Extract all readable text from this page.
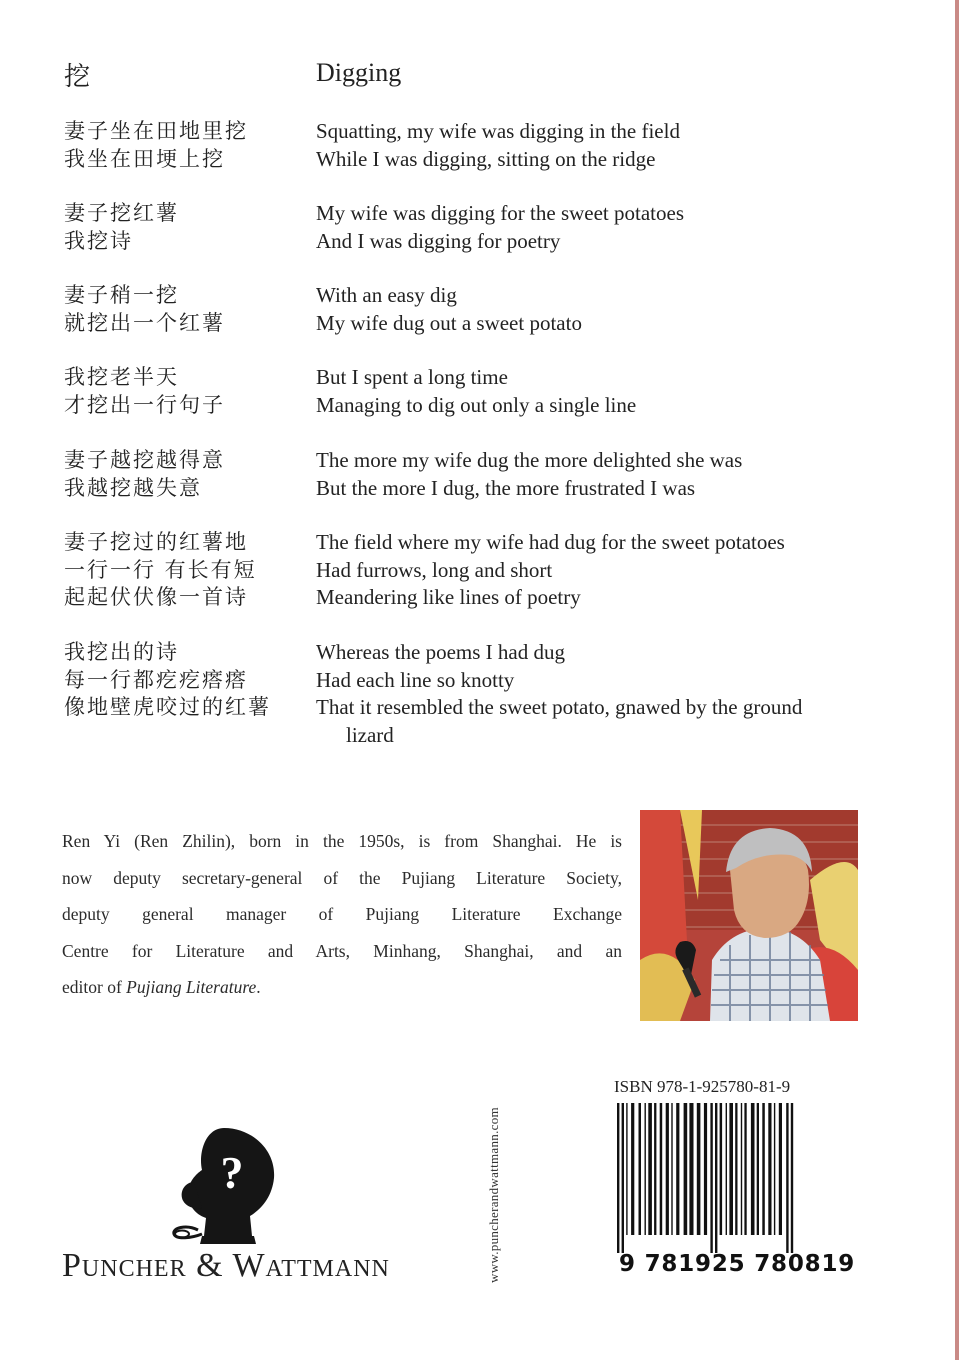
挖	Digging
妻子坐在田地里挖
我坐在田埂上挖
Squatting, my wife was digging in the field
While I was digging, sitting on the ridge
妻子挖红薯
我挖诗
My wife was digging for the sweet potatoes
And I was digging for poetry
妻子稍一挖
就挖出一个红薯
With an easy dig
My wife dug out a sweet potato
我挖老半天
才挖出一行句子
But I spent a long time
Managing to dig out only a single line
妻子越挖越得意
我越挖越失意
The more my wife dug the more delighted she was
But the more I dug, the more frustrated I was
妻子挖过的红薯地
一行一行 有长有短
起起伏伏像一首诗
The field where my wife had dug for the sweet potatoes
Had furrows, long and short
Meandering like lines of poetry
我挖出的诗
每一行都疙疙瘩瘩
像地壁虎咬过的红薯
Whereas the poems I had dug
Had each line so knotty
That it resembled the sweet potato, gnawed by the ground
lizard
Ren Yi (Ren Zhilin), born in the 1950s, is from Shanghai. He is
now deputy secretary-general of the Pujiang Literature Society,
deputy general manager of Pujiang Literature Exchange
Centre for Literature and Arts, Minhang, Shanghai, and an
editor of Pujiang Literature.
?
PUNCHER & WATTMANN	www.puncherandwattmann.com
ISBN 978-1-925780-81-9
9 781925 780819
